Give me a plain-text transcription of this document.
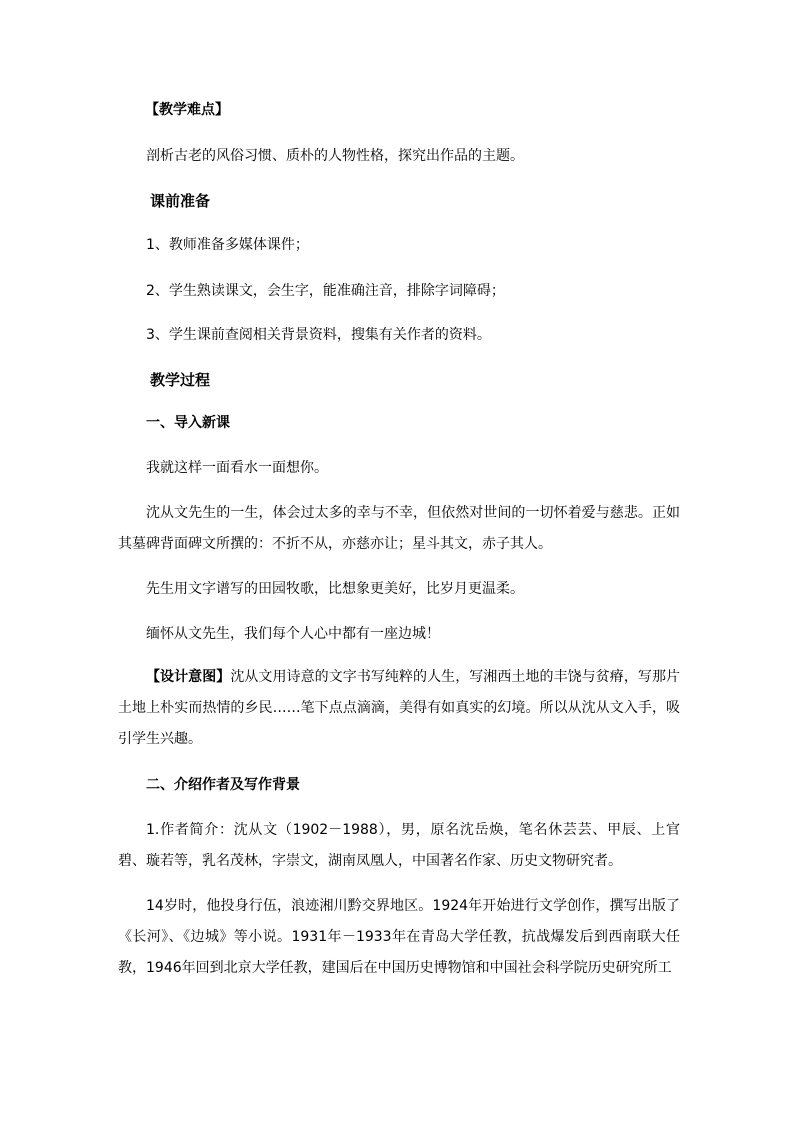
【教学难点】
剖析古老的风俗习惯、质朴的人物性格，探究出作品的主题。
课前准备
1、教师准备多媒体课件；
2、学生熟读课文，会生字，能准确注音，排除字词障碍；
3、学生课前查阅相关背景资料，搜集有关作者的资料。
教学过程
一、导入新课
我就这样一面看水一面想你。
沈从文先生的一生，体会过太多的幸与不幸，但依然对世间的一切怀着爱与慈悲。正如其墓碑背面碑文所撰的：不折不从，亦慈亦让；星斗其文，赤子其人。
先生用文字谱写的田园牧歌，比想象更美好，比岁月更温柔。
缅怀从文先生，我们每个人心中都有一座边城！
【设计意图】沈从文用诗意的文字书写纯粹的人生，写湘西土地的丰饶与贫瘠，写那片土地上朴实而热情的乡民……笔下点点滴滴，美得有如真实的幻境。所以从沈从文入手，吸引学生兴趣。
二、介绍作者及写作背景
1.作者简介：沈从文（1902－1988），男，原名沈岳焕，笔名休芸芸、甲辰、上官碧、璇若等，乳名茂林，字崇文，湖南凤凰人，中国著名作家、历史文物研究者。
14岁时，他投身行伍，浪迹湘川黔交界地区。1924年开始进行文学创作，撰写出版了《长河》、《边城》等小说。1931年－1933年在青岛大学任教，抗战爆发后到西南联大任教，1946年回到北京大学任教，建国后在中国历史博物馆和中国社会科学院历史研究所工
